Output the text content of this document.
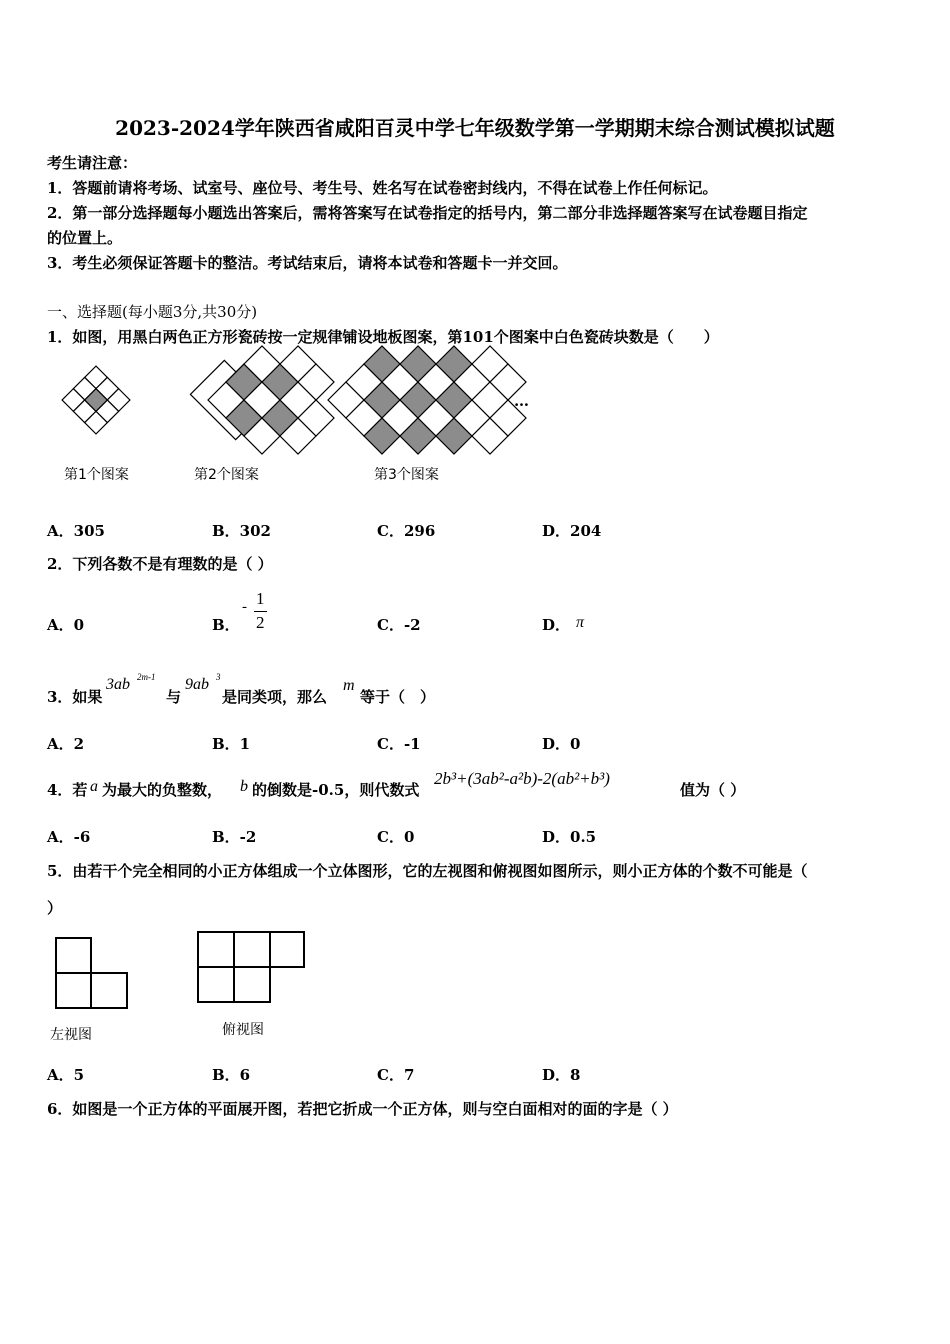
2023-2024学年陕西省咸阳百灵中学七年级数学第一学期期末综合测试模拟试题
考生请注意：
1．答题前请将考场、试室号、座位号、考生号、姓名写在试卷密封线内，不得在试卷上作任何标记。
2．第一部分选择题每小题选出答案后，需将答案写在试卷指定的括号内，第二部分非选择题答案写在试卷题目指定
的位置上。
3．考生必须保证答题卡的整洁。考试结束后，请将本试卷和答题卡一并交回。
一、选择题(每小题3分,共30分)
1．如图，用黑白两色正方形瓷砖按一定规律铺设地板图案，第101个图案中白色瓷砖块数是（　　）
第1个图案	第2个图案	第3个图案
…
A．305	B．302	C．296	D．204
2．下列各数不是有理数的是（ ）
A．0	B．
- 1
2	C．-2	D． π
3．如果
3ab 2m-1
与
9ab 3
是同类项，那么
m
等于（　）
A．2	B．1	C．-1	D．0
4．若 a 为最大的负整数， b 的倒数是-0.5，则代数式
2b³+(3ab²-a²b)-2(ab²+b³)
值为（ ）
A．-6	B．-2	C．0	D．0.5
5．由若干个完全相同的小正方体组成一个立体图形，它的左视图和俯视图如图所示，则小正方体的个数不可能是（
）
左视图	俯视图
A．5	B．6	C．7	D．8
6．如图是一个正方体的平面展开图，若把它折成一个正方体，则与空白面相对的面的字是（ ）
